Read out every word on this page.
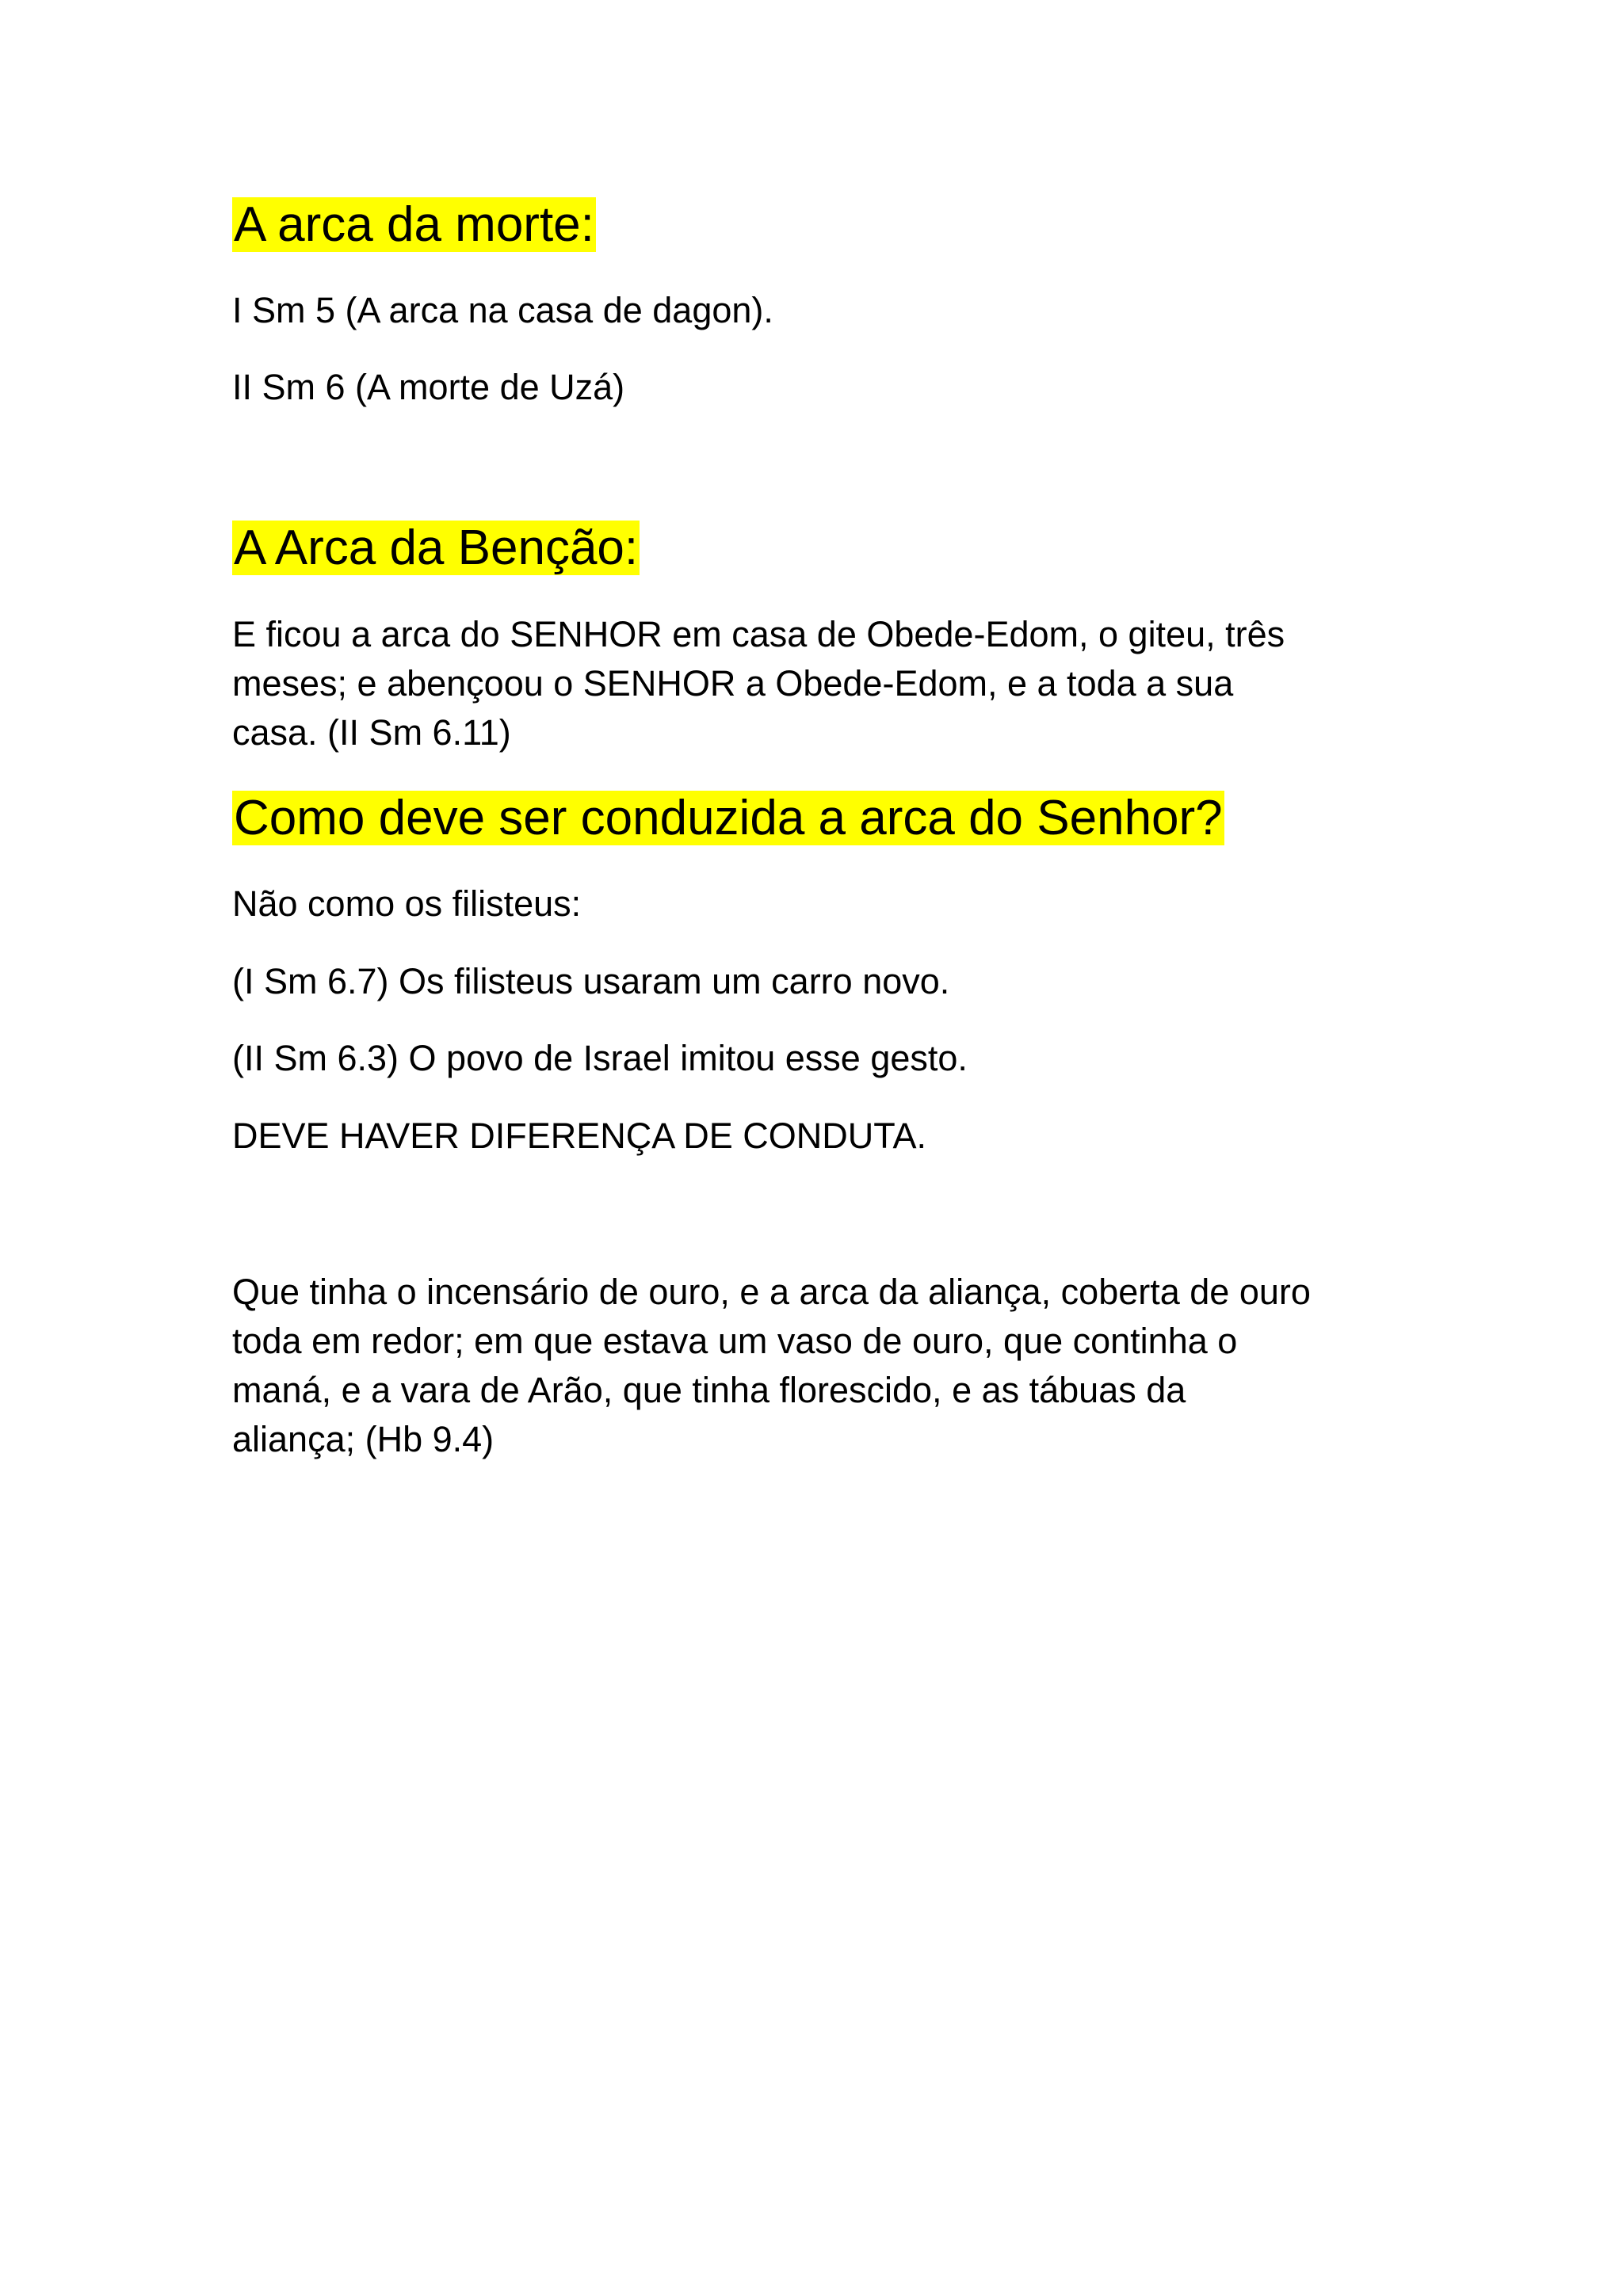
A arca da morte:
I Sm 5 (A arca na casa de dagon).
II Sm 6 (A morte de Uzá)
A Arca da Benção:
E ficou a arca do SENHOR em casa de Obede-Edom, o giteu, três
meses; e abençoou o SENHOR a Obede-Edom, e a toda a sua
casa. (II Sm 6.11)
Como deve ser conduzida a arca do Senhor?
Não como os filisteus:
(I Sm 6.7) Os filisteus usaram um carro novo.
(II Sm 6.3) O povo de Israel imitou esse gesto.
DEVE HAVER DIFERENÇA DE CONDUTA.
Que tinha o incensário de ouro, e a arca da aliança, coberta de ouro
toda em redor; em que estava um vaso de ouro, que continha o
maná, e a vara de Arão, que tinha florescido, e as tábuas da
aliança; (Hb 9.4)
